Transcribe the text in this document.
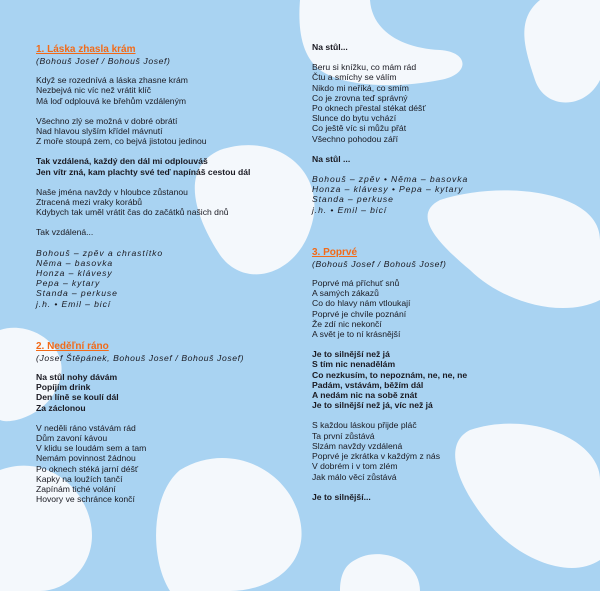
1. Láska zhasla krám
(Bohouš Josef / Bohouš Josef)
Když se rozednívá a láska zhasne krám
Nezbejvá nic víc než vrátit klíč
Má loď odplouvá ke břehům vzdáleným
Všechno zlý se možná v dobré obrátí
Nad hlavou slyším křídel mávnutí
Z moře stoupá zem, co bejvá jistotou jedinou
Tak vzdálená, každý den dál mi odplouváš
Jen vítr zná, kam plachty své teď napínáš cestou dál
Naše jména navždy v hloubce zůstanou
Ztracená mezi vraky korábů
Kdybych tak uměl vrátit čas do začátků našich dnů
Tak vzdálená...
Bohouš – zpěv a chrastítko
Něma – basovka
Honza – klávesy
Pepa – kytary
Standa – perkuse
j.h. • Emil – bicí
2. Neděľní ráno
(Josef Štěpánek, Bohouš Josef / Bohouš Josef)
Na stůl nohy dávám
Popíjím drink
Den líně se koulí dál
Za záclonou
V neděli ráno vstávám rád
Dům zavoní kávou
V klidu se loudám sem a tam
Nemám povinnost žádnou
Po oknech stéká jarní déšť
Kapky na loužích tančí
Zapínám tiché volání
Hovory ve schránce končí
Na stůl...
Beru si knížku, co mám rád
Čtu a smíchy se válím
Nikdo mi neříká, co smím
Co je zrovna teď správný
Po oknech přestal stékat déšť
Slunce do bytu vchází
Co ještě víc si můžu přát
Všechno pohodou září
Na stůl ...
Bohouš – zpěv • Něma – basovka
Honza – klávesy • Pepa – kytary
Standa – perkuse
j.h. • Emil – bicí
3. Poprvé
(Bohouš Josef / Bohouš Josef)
Poprvé má příchuť snů
A samých zákazů
Co do hlavy nám vtloukají
Poprvé je chvíle poznání
Že zdí nic nekončí
A svět je to ní krásnější
Je to silnější než já
S tím nic nenadělám
Co nezkusím, to nepoznám, ne, ne, ne
Padám, vstávám, běžím dál
A nedám nic na sobě znát
Je to silnější než já, víc než já
S každou láskou přijde pláč
Ta první zůstává
Slzám navždy vzdálená
Poprvé je zkrátka v každým z nás
V dobrém i v tom zlém
Jak málo věcí zůstává
Je to silnější...
